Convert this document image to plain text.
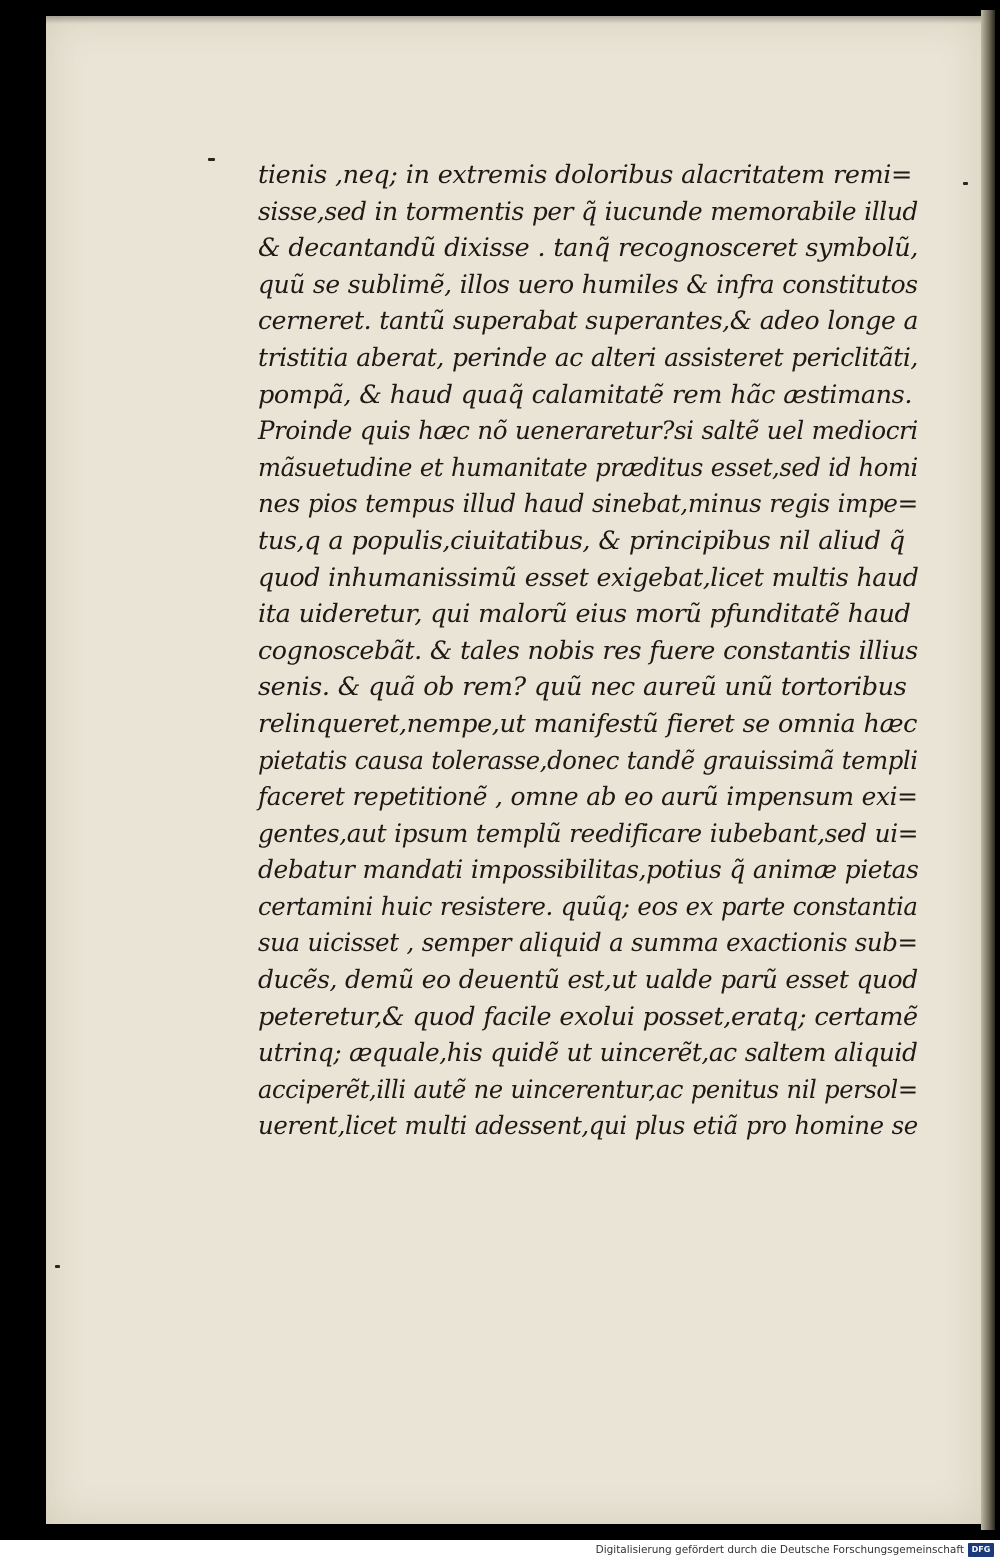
tienis ,neq; in extremis doloribus alacritatem remi=
sisse,sed in tormentis per q̃ iucunde memorabile illud
& decantandũ dixisse . tanq̃ recognosceret symbolũ,
quũ se sublimẽ, illos uero humiles & infra constitutos
cerneret. tantũ superabat superantes,& adeo longe a
tristitia aberat, perinde ac alteri assisteret periclitãti,
pompã, & haud quaq̃ calamitatẽ rem hãc æstimans.
Proinde quis hæc nõ ueneraretur?si saltẽ uel mediocri
mãsuetudine et humanitate præditus esset,sed id homi
nes pios tempus illud haud sinebat,minus regis impe=
tus,q a populis,ciuitatibus, & principibus nil aliud q̃
quod inhumanissimũ esset exigebat,licet multis haud
ita uideretur, qui malorũ eius morũ pfunditatẽ haud
cognoscebãt. & tales nobis res fuere constantis illius
senis. & quã ob rem? quũ nec aureũ unũ tortoribus
relinqueret,nempe,ut manifestũ fieret se omnia hæc
pietatis causa tolerasse,donec tandẽ grauissimã templi
faceret repetitionẽ , omne ab eo aurũ impensum exi=
gentes,aut ipsum templũ reedificare iubebant,sed ui=
debatur mandati impossibilitas,potius q̃ animæ pietas
certamini huic resistere. quũq; eos ex parte constantia
sua uicisset , semper aliquid a summa exactionis sub=
ducẽs, demũ eo deuentũ est,ut ualde parũ esset quod
peteretur,& quod facile exolui posset,eratq; certamẽ
utrinq; æquale,his quidẽ ut uincerẽt,ac saltem aliquid
acciperẽt,illi autẽ ne uincerentur,ac penitus nil persol=
uerent,licet multi adessent,qui plus etiã pro homine se
Digitalisierung gefördert durch die Deutsche Forschungsgemeinschaft DFG
